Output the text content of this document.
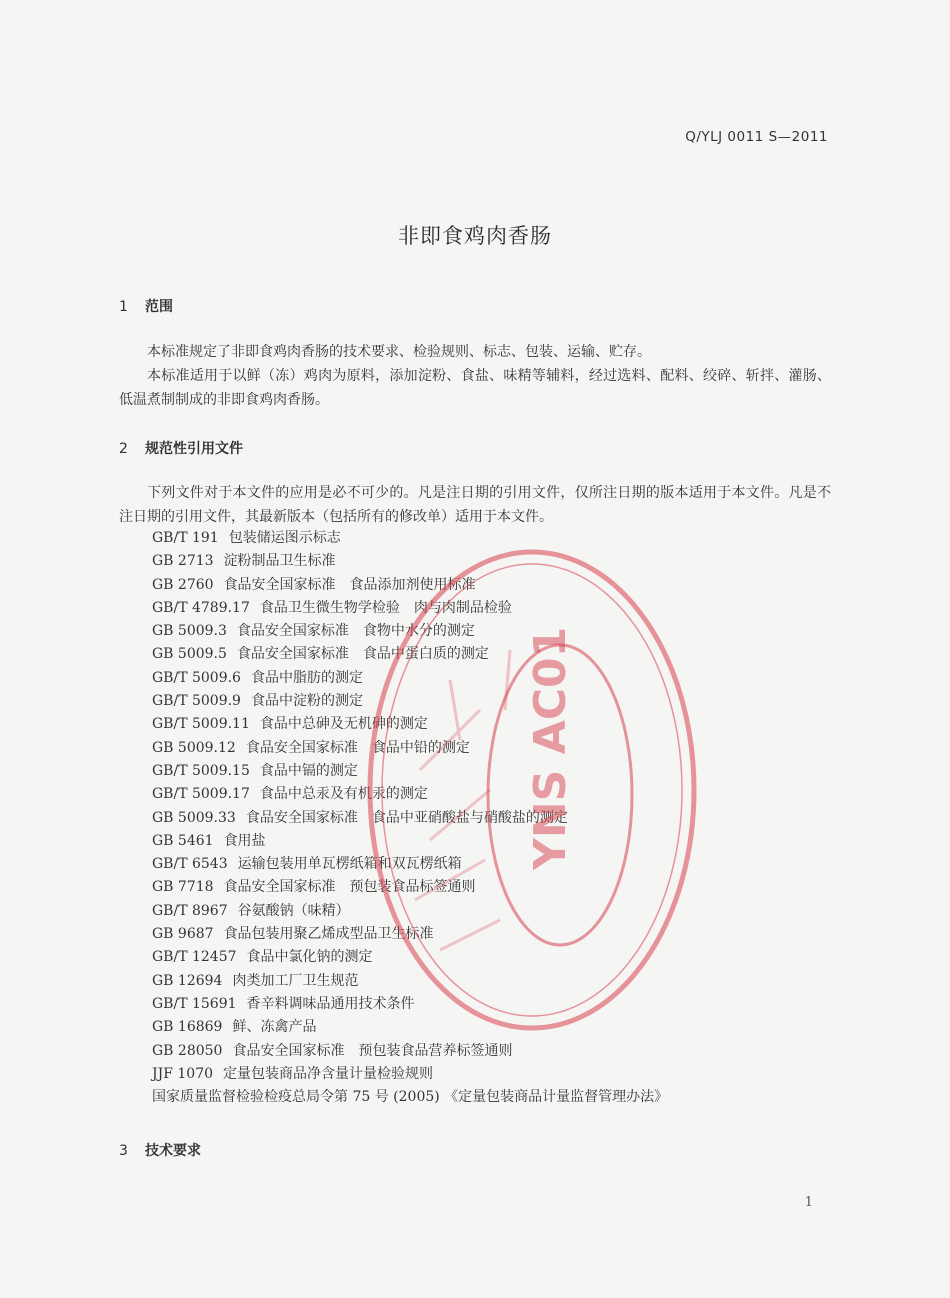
Q/YLJ 0011 S—2011
非即食鸡肉香肠
1 范围

本标准规定了非即食鸡肉香肠的技术要求、检验规则、标志、包装、运输、贮存。

本标准适用于以鲜（冻）鸡肉为原料，添加淀粉、食盐、味精等辅料，经过选料、配料、绞碎、斩拌、灌肠、低温煮制制成的非即食鸡肉香肠。

2 规范性引用文件

下列文件对于本文件的应用是必不可少的。凡是注日期的引用文件，仅所注日期的版本适用于本文件。凡是不注日期的引用文件，其最新版本（包括所有的修改单）适用于本文件。

GB/T 191 包装储运图示标志
GB 2713 淀粉制品卫生标准
GB 2760 食品安全国家标准　食品添加剂使用标准
GB/T 4789.17 食品卫生微生物学检验　肉与肉制品检验
GB 5009.3 食品安全国家标准　食物中水分的测定
GB 5009.5 食品安全国家标准　食品中蛋白质的测定
GB/T 5009.6 食品中脂肪的测定
GB/T 5009.9 食品中淀粉的测定
GB/T 5009.11 食品中总砷及无机砷的测定
GB 5009.12 食品安全国家标准　食品中铅的测定
GB/T 5009.15 食品中镉的测定
GB/T 5009.17 食品中总汞及有机汞的测定
GB 5009.33 食品安全国家标准　食品中亚硝酸盐与硝酸盐的测定
GB 5461 食用盐
GB/T 6543 运输包装用单瓦楞纸箱和双瓦楞纸箱
GB 7718 食品安全国家标准　预包装食品标签通则
GB/T 8967 谷氨酸钠（味精）
GB 9687 食品包装用聚乙烯成型品卫生标准
GB/T 12457 食品中氯化钠的测定
GB 12694 肉类加工厂卫生规范
GB/T 15691 香辛料调味品通用技术条件
GB 16869 鲜、冻禽产品
GB 28050 食品安全国家标准　预包装食品营养标签通则
JJF 1070 定量包装商品净含量计量检验规则
国家质量监督检验检疫总局令第 75 号 (2005) 《定量包装商品计量监督管理办法》
3 技术要求
1
YNS AC01
